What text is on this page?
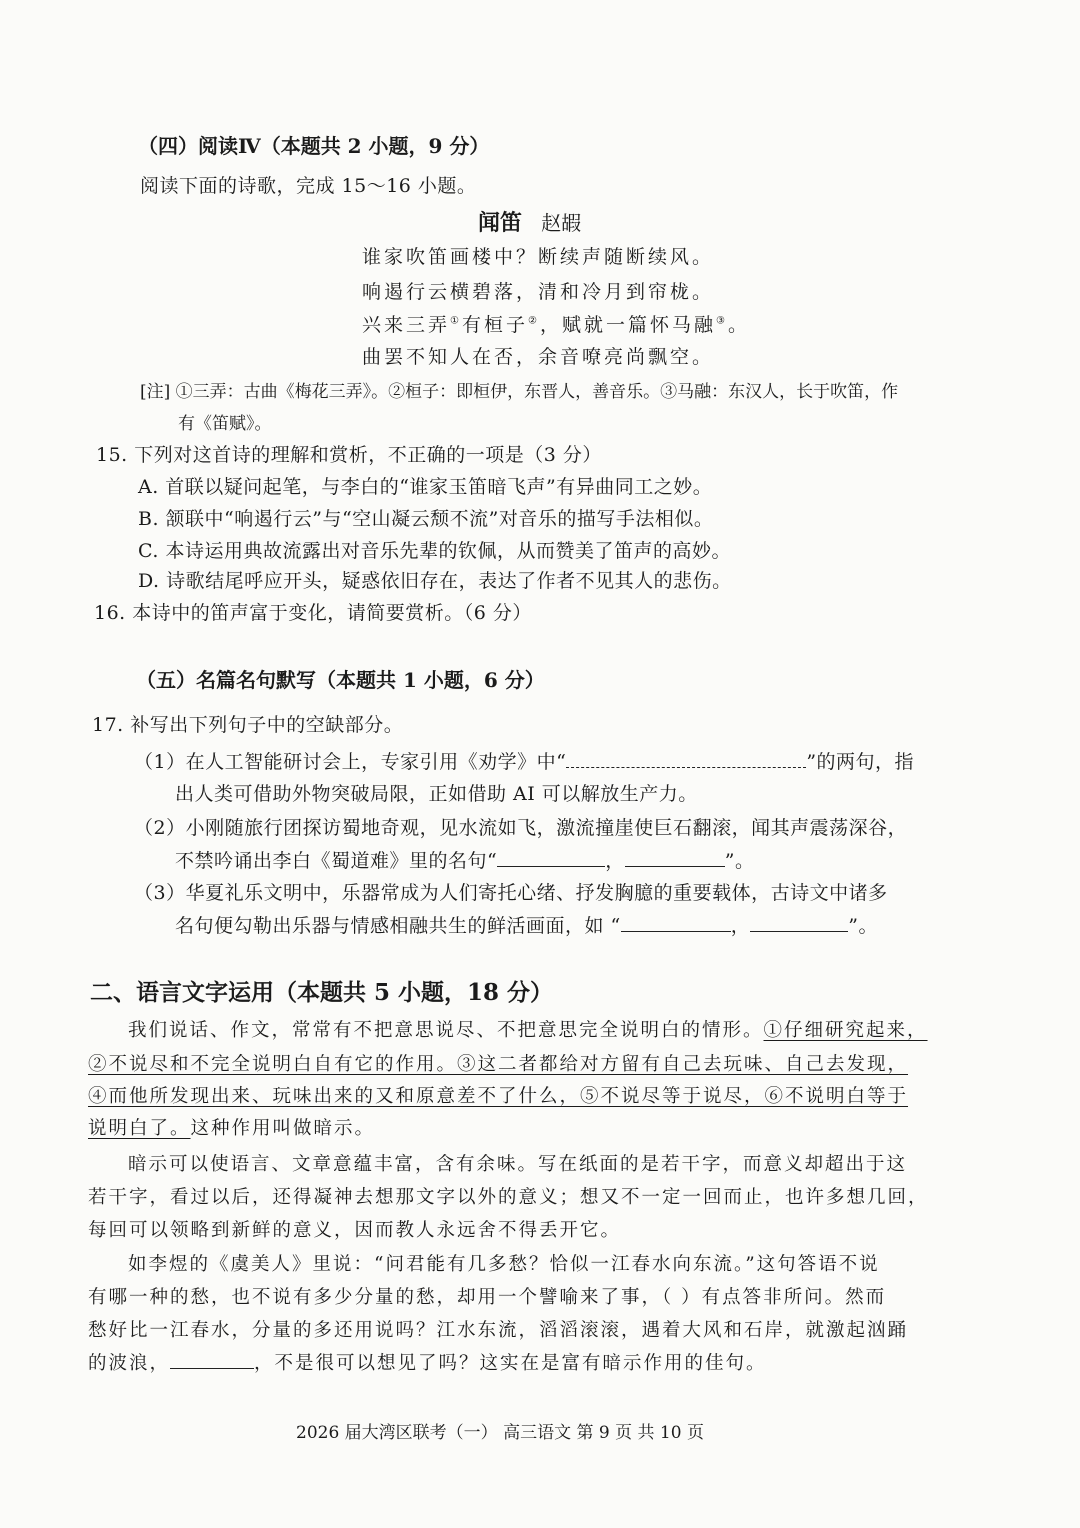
（四）阅读Ⅳ（本题共 2 小题，9 分）
阅读下面的诗歌，完成 15～16 小题。
闻笛 赵嘏
谁家吹笛画楼中？断续声随断续风。
响遏行云横碧落，清和冷月到帘栊。
兴来三弄①有桓子②，赋就一篇怀马融③。
曲罢不知人在否，余音嘹亮尚飘空。
[注] ①三弄：古曲《梅花三弄》。②桓子：即桓伊，东晋人，善音乐。③马融：东汉人，长于吹笛，作
有《笛赋》。
15. 下列对这首诗的理解和赏析，不正确的一项是（3 分）
A. 首联以疑问起笔，与李白的“谁家玉笛暗飞声”有异曲同工之妙。
B. 颔联中“响遏行云”与“空山凝云颓不流”对音乐的描写手法相似。
C. 本诗运用典故流露出对音乐先辈的钦佩，从而赞美了笛声的高妙。
D. 诗歌结尾呼应开头，疑惑依旧存在，表达了作者不见其人的悲伤。
16. 本诗中的笛声富于变化，请简要赏析。（6 分）
（五）名篇名句默写（本题共 1 小题，6 分）
17. 补写出下列句子中的空缺部分。
（1）在人工智能研讨会上，专家引用《劝学》中“	”的两句，指
出人类可借助外物突破局限，正如借助 AI 可以解放生产力。
（2）小刚随旅行团探访蜀地奇观，见水流如飞，激流撞崖使巨石翻滚，闻其声震荡深谷，
不禁吟诵出李白《蜀道难》里的名句“	，	”。
（3）华夏礼乐文明中，乐器常成为人们寄托心绪、抒发胸臆的重要载体，古诗文中诸多
名句便勾勒出乐器与情感相融共生的鲜活画面，如 “	，	”。
二、语言文字运用（本题共 5 小题，18 分）
我们说话、作文，常常有不把意思说尽、不把意思完全说明白的情形。①仔细研究起来，
②不说尽和不完全说明白自有它的作用。③这二者都给对方留有自己去玩味、自己去发现，
④而他所发现出来、玩味出来的又和原意差不了什么，⑤不说尽等于说尽，⑥不说明白等于
说明白了。这种作用叫做暗示。
暗示可以使语言、文章意蕴丰富，含有余味。写在纸面的是若干字，而意义却超出于这
若干字，看过以后，还得凝神去想那文字以外的意义；想又不一定一回而止，也许多想几回，
每回可以领略到新鲜的意义，因而教人永远舍不得丢开它。
如李煜的《虞美人》里说：“问君能有几多愁？恰似一江春水向东流。”这句答语不说
有哪一种的愁，也不说有多少分量的愁，却用一个譬喻来了事，（ ）有点答非所问。然而
愁好比一江春水，分量的多还用说吗？江水东流，滔滔滚滚，遇着大风和石岸，就激起汹踊
的波浪，	，不是很可以想见了吗？这实在是富有暗示作用的佳句。
2026 届大湾区联考（一） 高三语文 第 9 页 共 10 页
